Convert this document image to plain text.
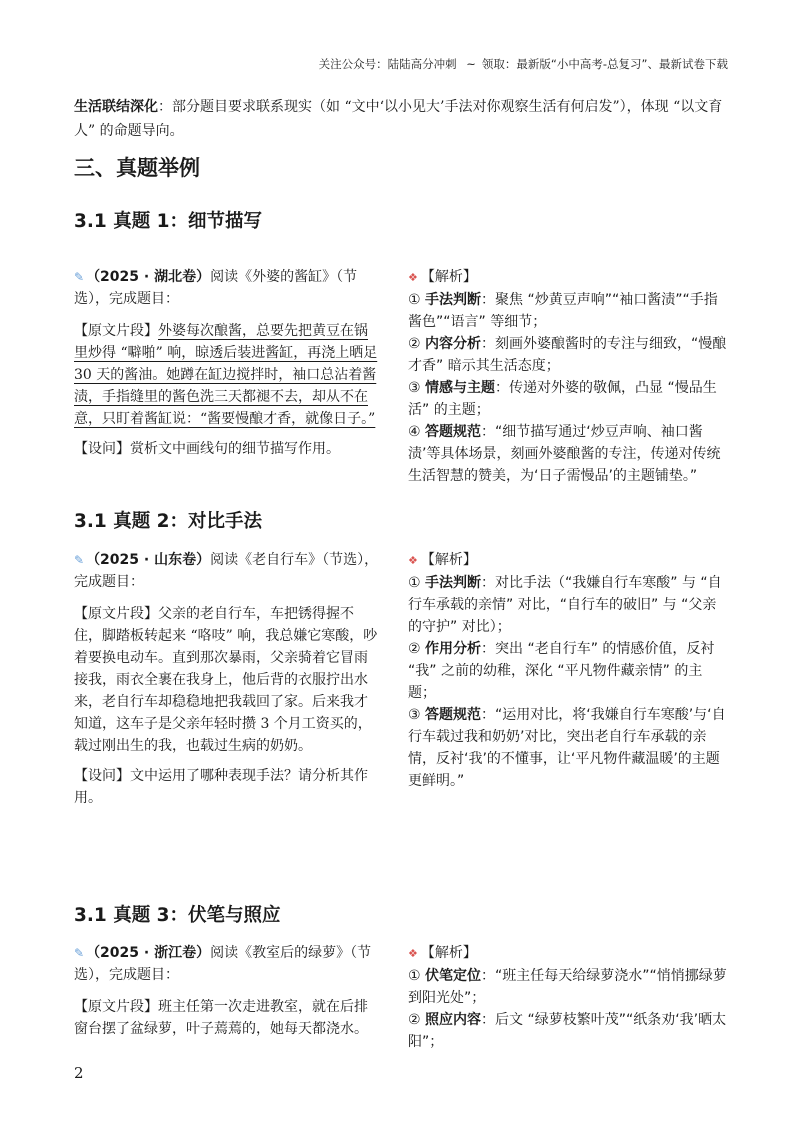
关注公众号：陆陆高分冲刺 ~ 领取：最新版“小中高考-总复习”、最新试卷下载
生活联结深化：部分题目要求联系现实（如 “文中‘以小见大’手法对你观察生活有何启发”），体现 “以文育人” 的命题导向。
三、真题举例
3.1 真题 1：细节描写

✎ （2025 · 湖北卷）阅读《外婆的酱缸》（节选），完成题目：

【原文片段】外婆每次酿酱，总要先把黄豆在锅里炒得 “噼啪” 响，晾透后装进酱缸，再浇上晒足 30 天的酱油。她蹲在缸边搅拌时，袖口总沾着酱渍，手指缝里的酱色洗三天都褪不去，却从不在意，只盯着酱缸说：“酱要慢酿才香，就像日子。”

【设问】赏析文中画线句的细节描写作用。

❖ 【解析】

① 手法判断：聚焦 “炒黄豆声响”“袖口酱渍”“手指酱色”“语言” 等细节；

② 内容分析：刻画外婆酿酱时的专注与细致，“慢酿才香” 暗示其生活态度；

③ 情感与主题：传递对外婆的敬佩，凸显 “慢品生活” 的主题；

④ 答题规范：“细节描写通过‘炒豆声响、袖口酱渍’等具体场景，刻画外婆酿酱的专注，传递对传统生活智慧的赞美，为‘日子需慢品’的主题铺垫。”

3.1 真题 2：对比手法

✎ （2025 · 山东卷）阅读《老自行车》（节选），完成题目：

【原文片段】父亲的老自行车，车把锈得握不住，脚踏板转起来 “咯吱” 响，我总嫌它寒酸，吵着要换电动车。直到那次暴雨，父亲骑着它冒雨接我，雨衣全裹在我身上，他后背的衣服拧出水来，老自行车却稳稳地把我载回了家。后来我才知道，这车子是父亲年轻时攒 3 个月工资买的，载过刚出生的我，也载过生病的奶奶。

【设问】文中运用了哪种表现手法？请分析其作用。

❖ 【解析】

① 手法判断：对比手法（“我嫌自行车寒酸” 与 “自行车承载的亲情” 对比，“自行车的破旧” 与 “父亲的守护” 对比）；

② 作用分析：突出 “老自行车” 的情感价值，反衬 “我” 之前的幼稚，深化 “平凡物件藏亲情” 的主题；

③ 答题规范：“运用对比，将‘我嫌自行车寒酸’与‘自行车载过我和奶奶’对比，突出老自行车承载的亲情，反衬‘我’的不懂事，让‘平凡物件藏温暖’的主题更鲜明。”

3.1 真题 3：伏笔与照应

✎ （2025 · 浙江卷）阅读《教室后的绿萝》（节选），完成题目：

【原文片段】班主任第一次走进教室，就在后排窗台摆了盆绿萝，叶子蔫蔫的，她每天都浇水。

❖ 【解析】

① 伏笔定位：“班主任每天给绿萝浇水”“悄悄挪绿萝到阳光处”；

② 照应内容：后文 “绿萝枝繁叶茂”“纸条劝‘我’晒太阳”；

2
